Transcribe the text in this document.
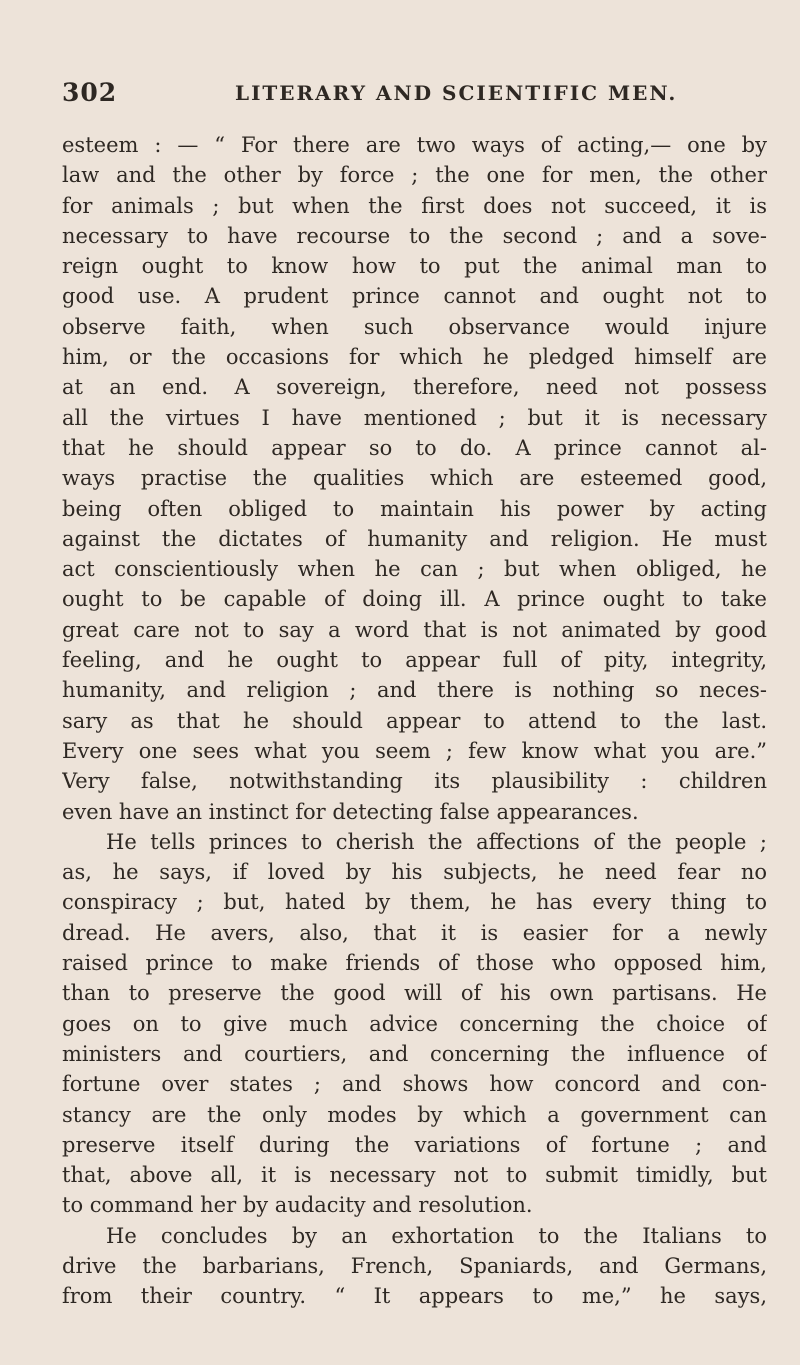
302	LITERARY AND SCIENTIFIC MEN.
esteem : — “ For there are two ways of acting,— one by
law and the other by force ; the one for men, the other
for animals ; but when the first does not succeed, it is
necessary to have recourse to the second ; and a sove-
reign ought to know how to put the animal man to
good use. A prudent prince cannot and ought not to
observe faith, when such observance would injure
him, or the occasions for which he pledged himself are
at an end. A sovereign, therefore, need not possess
all the virtues I have mentioned ; but it is necessary
that he should appear so to do. A prince cannot al-
ways practise the qualities which are esteemed good,
being often obliged to maintain his power by acting
against the dictates of humanity and religion. He must
act conscientiously when he can ; but when obliged, he
ought to be capable of doing ill. A prince ought to take
great care not to say a word that is not animated by good
feeling, and he ought to appear full of pity, integrity,
humanity, and religion ; and there is nothing so neces-
sary as that he should appear to attend to the last.
Every one sees what you seem ; few know what you are.”
Very false, notwithstanding its plausibility : children
even have an instinct for detecting false appearances.
He tells princes to cherish the affections of the people ;
as, he says, if loved by his subjects, he need fear no
conspiracy ; but, hated by them, he has every thing to
dread. He avers, also, that it is easier for a newly
raised prince to make friends of those who opposed him,
than to preserve the good will of his own partisans. He
goes on to give much advice concerning the choice of
ministers and courtiers, and concerning the influence of
fortune over states ; and shows how concord and con-
stancy are the only modes by which a government can
preserve itself during the variations of fortune ; and
that, above all, it is necessary not to submit timidly, but
to command her by audacity and resolution.
He concludes by an exhortation to the Italians to
drive the barbarians, French, Spaniards, and Germans,
from their country. “ It appears to me,” he says,
